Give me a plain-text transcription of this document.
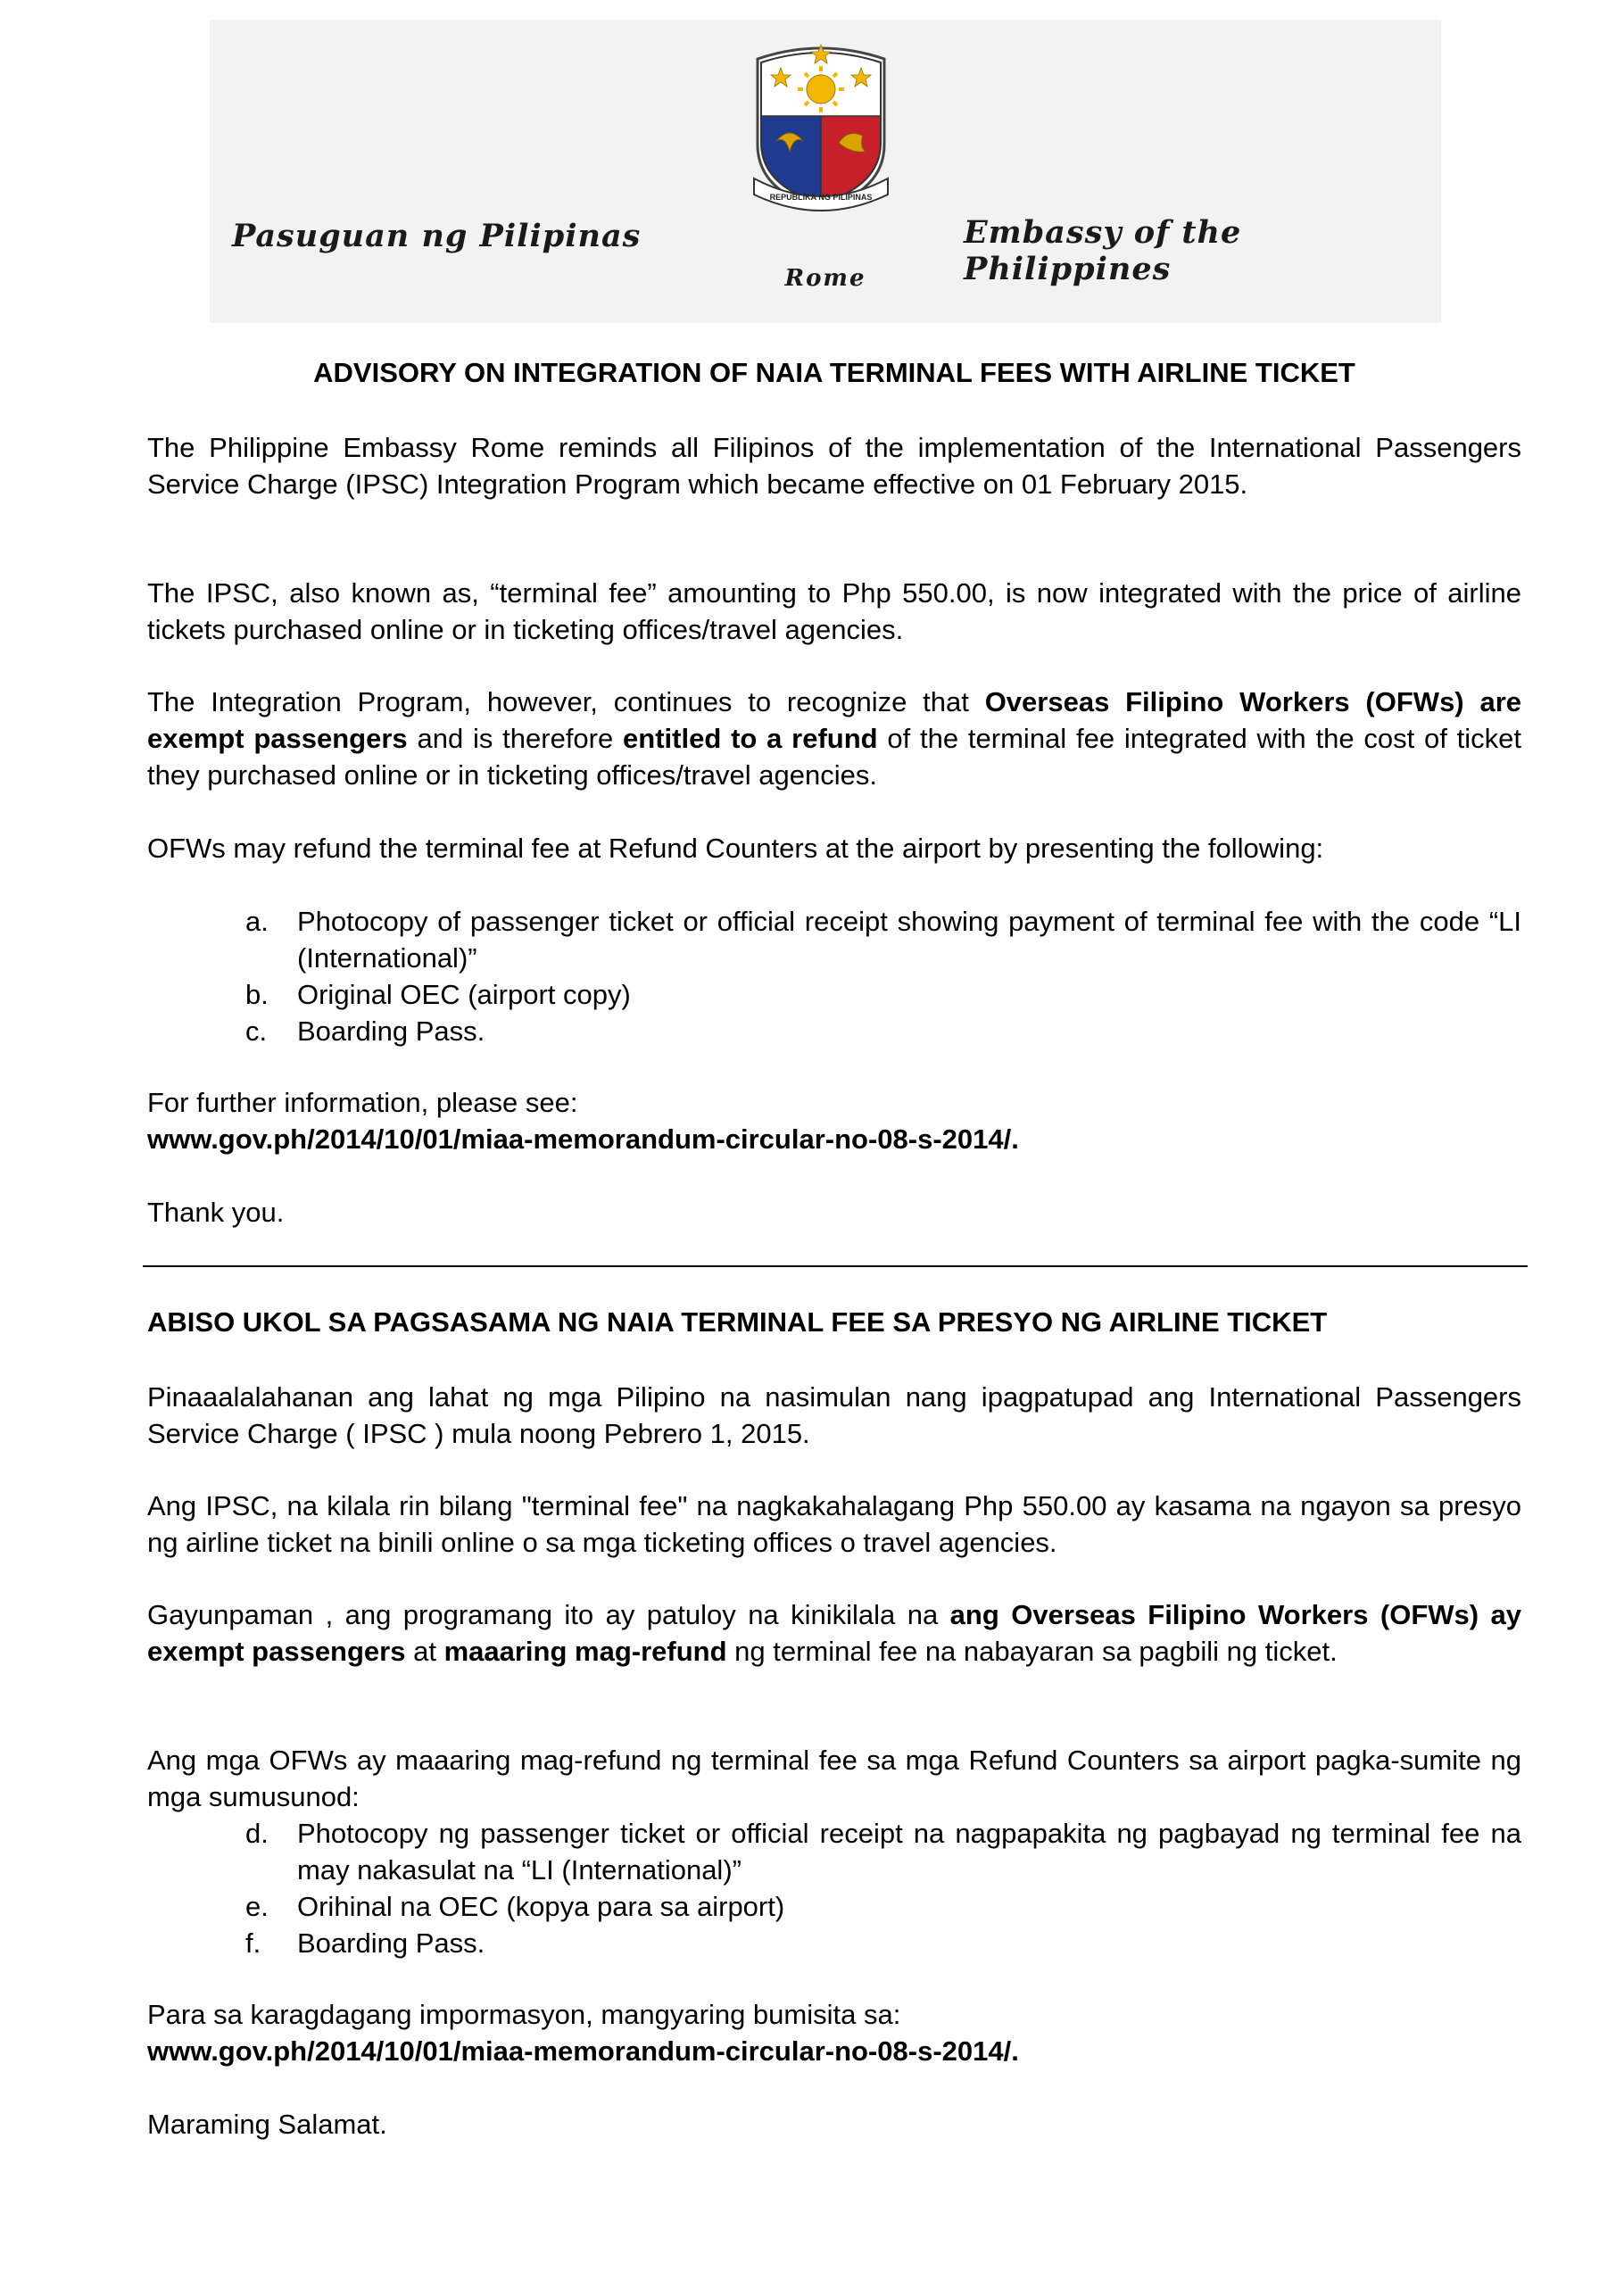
REPUBLIKA NG PILIPINAS
Pasuguan ng Pilipinas	Embassy of the Philippines
Rome
ADVISORY ON INTEGRATION OF NAIA TERMINAL FEES WITH AIRLINE TICKET
The Philippine Embassy Rome reminds all Filipinos of the implementation of the International Passengers Service Charge (IPSC) Integration Program which became effective on 01 February 2015.
The IPSC, also known as, “terminal fee” amounting to Php 550.00, is now integrated with the price of airline tickets purchased online or in ticketing offices/travel agencies.
The Integration Program, however, continues to recognize that Overseas Filipino Workers (OFWs) are exempt passengers and is therefore entitled to a refund of the terminal fee integrated with the cost of ticket they purchased online or in ticketing offices/travel agencies.
OFWs may refund the terminal fee at Refund Counters at the airport by presenting the following:
a. Photocopy of passenger ticket or official receipt showing payment of terminal fee with the code “LI (International)”
b. Original OEC (airport copy)
c. Boarding Pass.
For further information, please see:
www.gov.ph/2014/10/01/miaa-memorandum-circular-no-08-s-2014/.
Thank you.
ABISO UKOL SA PAGSASAMA NG NAIA TERMINAL FEE SA PRESYO NG AIRLINE TICKET
Pinaaalalahanan ang lahat ng mga Pilipino na nasimulan nang ipagpatupad ang International Passengers Service Charge ( IPSC ) mula noong Pebrero 1, 2015.
Ang IPSC, na kilala rin bilang "terminal fee" na nagkakahalagang Php 550.00 ay kasama na ngayon sa presyo ng airline ticket na binili online o sa mga ticketing offices o travel agencies.
Gayunpaman , ang programang ito ay patuloy na kinikilala na ang Overseas Filipino Workers (OFWs) ay exempt passengers at maaaring mag-refund ng terminal fee na nabayaran sa pagbili ng ticket.
Ang mga OFWs ay maaaring mag-refund ng terminal fee sa mga Refund Counters sa airport pagka-sumite ng mga sumusunod:
d. Photocopy ng passenger ticket or official receipt na nagpapakita ng pagbayad ng terminal fee na may nakasulat na “LI (International)”
e. Orihinal na OEC (kopya para sa airport)
f. Boarding Pass.
Para sa karagdagang impormasyon, mangyaring bumisita sa:
www.gov.ph/2014/10/01/miaa-memorandum-circular-no-08-s-2014/.
Maraming Salamat.
